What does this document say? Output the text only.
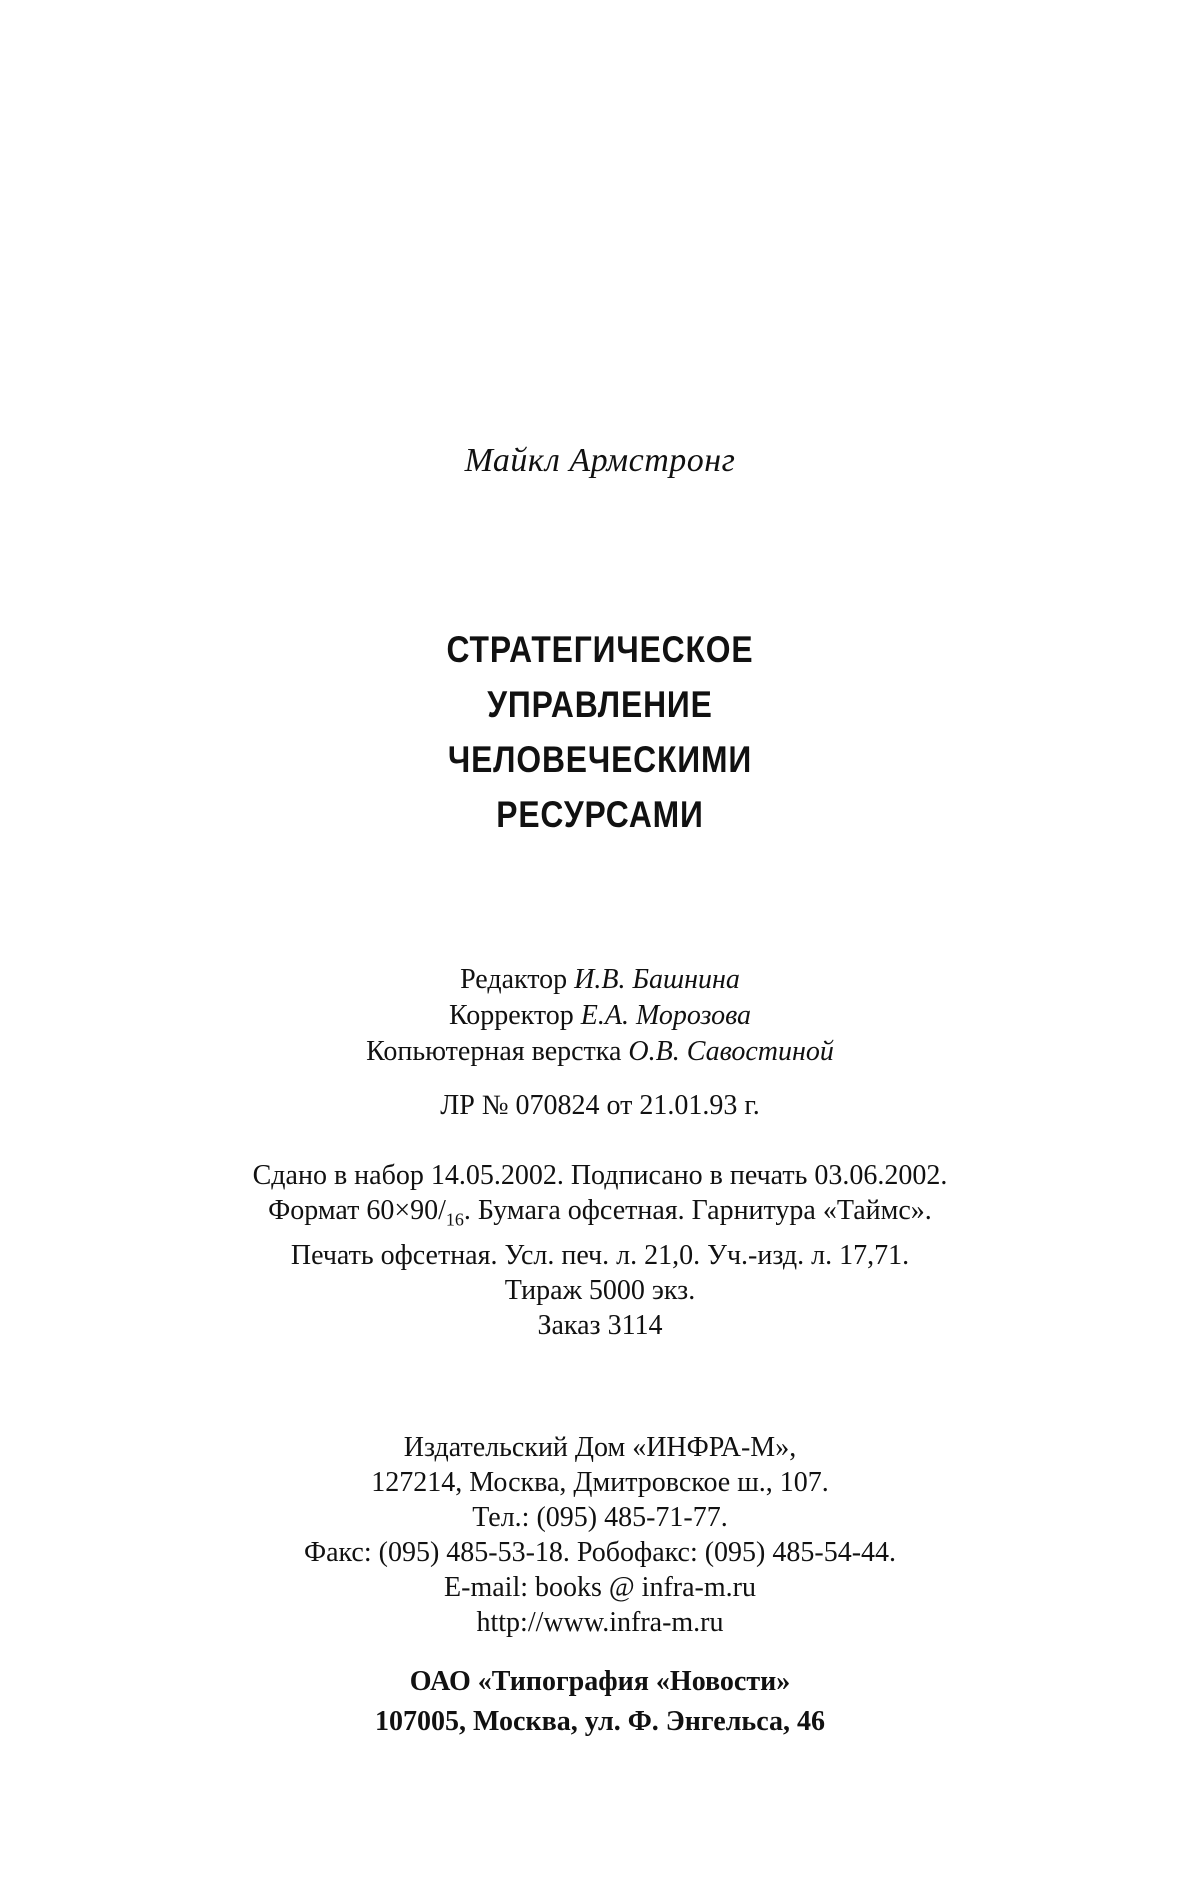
Майкл Армстронг
СТРАТЕГИЧЕСКОЕ
УПРАВЛЕНИЕ
ЧЕЛОВЕЧЕСКИМИ
РЕСУРСАМИ
Редактор И.В. Башнина
Корректор Е.А. Морозова
Копьютерная верстка О.В. Савостиной
ЛР № 070824 от 21.01.93 г.
Сдано в набор 14.05.2002. Подписано в печать 03.06.2002.
Формат $60\times 90/_{16}$. Бумага офсетная. Гарнитура «Таймс».
Печать офсетная. Усл. печ. л. 21,0. Уч.-изд. л. 17,71.
Тираж 5000 экз.
Заказ 3114
Издательский Дом «ИНФРА-М»,
127214, Москва, Дмитровское ш., 107.
Тел.: (095) 485-71-77.
Факс: (095) 485-53-18. Робофакс: (095) 485-54-44.
E-mail: books @ infra-m.ru
http://www.infra-m.ru
ОАО «Типография «Новости»
107005, Москва, ул. Ф. Энгельса, 46
